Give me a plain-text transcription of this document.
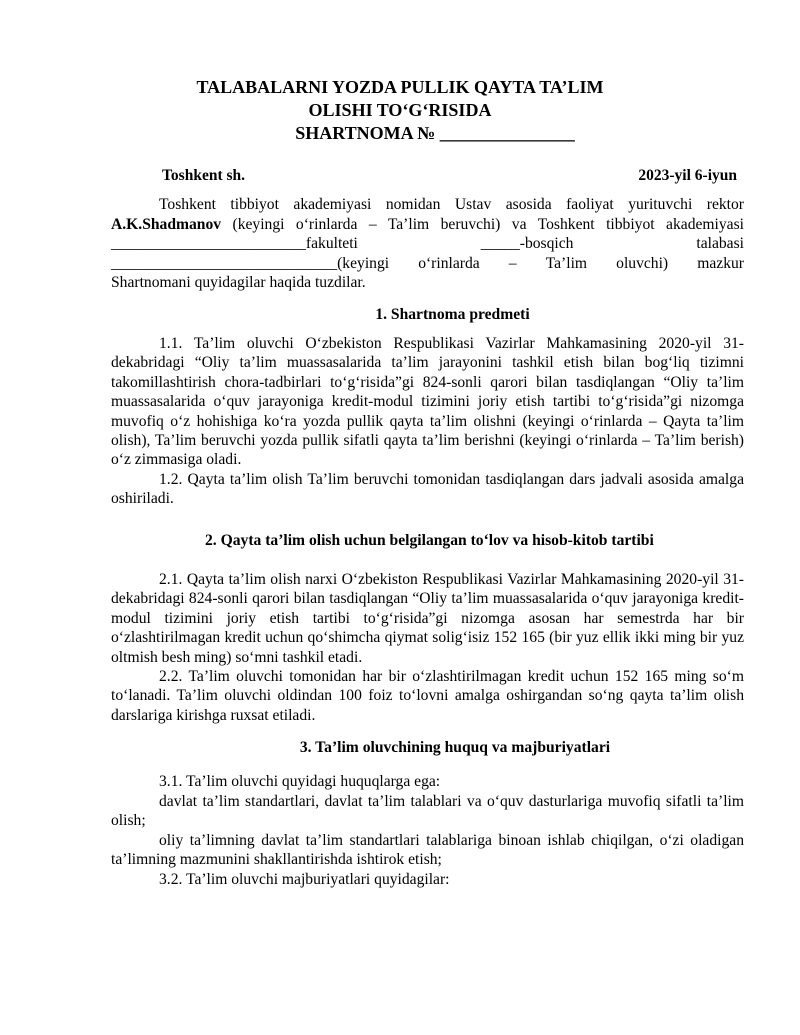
TALABALARNI YOZDA PULLIK QAYTA TA’LIM
OLISHI TO‘G‘RISIDA
SHARTNOMA № _______________
Toshkent sh.	2023-yil 6-iyun
Toshkent tibbiyot akademiyasi nomidan Ustav asosida faoliyat yurituvchi rektor
A.K.Shadmanov (keyingi o‘rinlarda – Ta’lim beruvchi) va Toshkent tibbiyot akademiyasi
_________________________fakulteti	_____-bosqich	talabasi
_____________________________(keyingi o‘rinlarda – Ta’lim oluvchi) mazkur
Shartnomani quyidagilar haqida tuzdilar.
1. Shartnoma predmeti
1.1. Ta’lim oluvchi O‘zbekiston Respublikasi Vazirlar Mahkamasining 2020-yil 31-dekabridagi “Oliy ta’lim muassasalarida ta’lim jarayonini tashkil etish bilan bog‘liq tizimni takomillashtirish chora-tadbirlari to‘g‘risida”gi 824-sonli qarori bilan tasdiqlangan “Oliy ta’lim muassasalarida o‘quv jarayoniga kredit-modul tizimini joriy etish tartibi to‘g‘risida”gi nizomga muvofiq o‘z hohishiga ko‘ra yozda pullik qayta ta’lim olishni (keyingi o‘rinlarda – Qayta ta’lim olish), Ta’lim beruvchi yozda pullik sifatli qayta ta’lim berishni (keyingi o‘rinlarda – Ta’lim berish) o‘z zimmasiga oladi.
1.2. Qayta ta’lim olish Ta’lim beruvchi tomonidan tasdiqlangan dars jadvali asosida amalga oshiriladi.
2. Qayta ta’lim olish uchun belgilangan to‘lov va hisob-kitob tartibi
2.1. Qayta ta’lim olish narxi O‘zbekiston Respublikasi Vazirlar Mahkamasining 2020-yil 31-dekabridagi 824-sonli qarori bilan tasdiqlangan “Oliy ta’lim muassasalarida o‘quv jarayoniga kredit-modul tizimini joriy etish tartibi to‘g‘risida”gi nizomga asosan har semestrda har bir o‘zlashtirilmagan kredit uchun qo‘shimcha qiymat solig‘isiz 152 165 (bir yuz ellik ikki ming bir yuz oltmish besh ming) so‘mni tashkil etadi.
2.2. Ta’lim oluvchi tomonidan har bir o‘zlashtirilmagan kredit uchun 152 165 ming so‘m to‘lanadi. Ta’lim oluvchi oldindan 100 foiz to‘lovni amalga oshirgandan so‘ng qayta ta’lim olish darslariga kirishga ruxsat etiladi.
3. Ta’lim oluvchining huquq va majburiyatlari
3.1. Ta’lim oluvchi quyidagi huquqlarga ega:
davlat ta’lim standartlari, davlat ta’lim talablari va o‘quv dasturlariga muvofiq sifatli ta’lim olish;
oliy ta’limning davlat ta’lim standartlari talablariga binoan ishlab chiqilgan, o‘zi oladigan ta’limning mazmunini shakllantirishda ishtirok etish;
3.2. Ta’lim oluvchi majburiyatlari quyidagilar:
